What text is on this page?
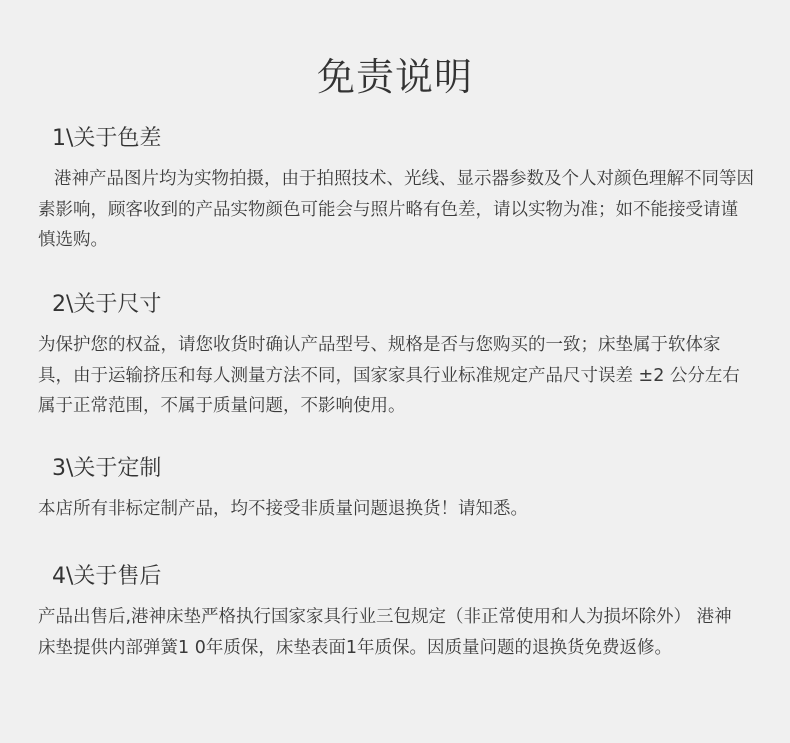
免责说明
1\关于色差

港神产品图片均为实物拍摄，由于拍照技术、光线、显示器参数及个人对颜色理解不同等因素影响，顾客收到的产品实物颜色可能会与照片略有色差，请以实物为准；如不能接受请谨慎选购。

2\关于尺寸

为保护您的权益，请您收货时确认产品型号、规格是否与您购买的一致；床垫属于软体家具，由于运输挤压和每人测量方法不同，国家家具行业标准规定产品尺寸误差 ±2 公分左右属于正常范围，不属于质量问题，不影响使用。

3\关于定制

本店所有非标定制产品，均不接受非质量问题退换货！请知悉。

4\关于售后

产品出售后,港神床垫严格执行国家家具行业三包规定（非正常使用和人为损坏除外） 港神 床垫提供内部弹簧1 0年质保，床垫表面1年质保。因质量问题的退换货免费返修。
